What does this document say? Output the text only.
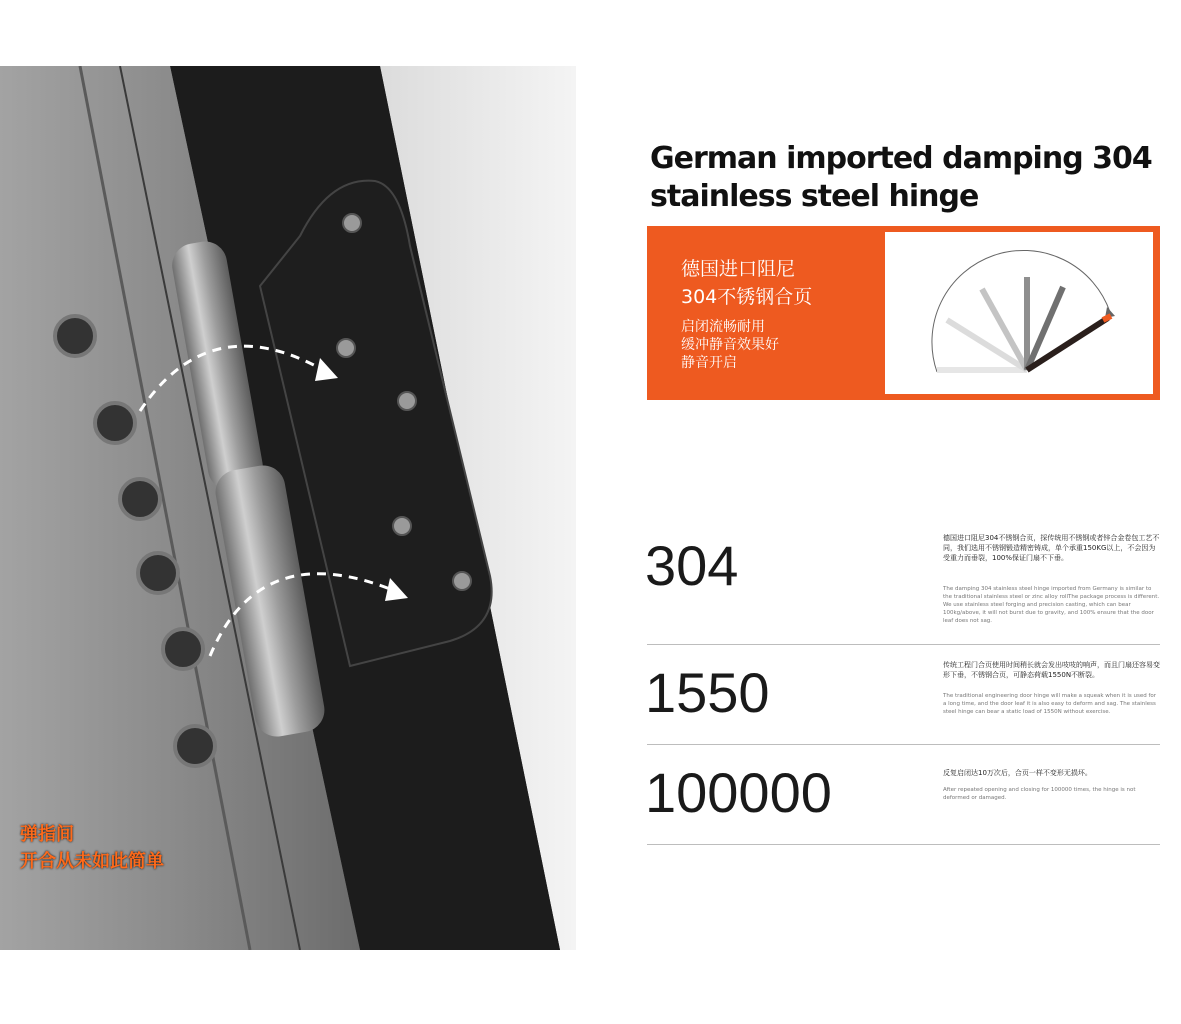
弹指间
开合从未如此简单
German imported damping 304
stainless steel hinge
德国进口阻尼
304不锈钢合页
启闭流畅耐用
缓冲静音效果好
静音开启
304	德国进口阻尼304不锈钢合页，採传统用不锈钢或者锌合金卷包工艺不同，我们选用不锈钢锻造精密铸成，单个承重150KG以上，不会因为受重力而垂裂，100%保证门扇不下垂。
The damping 304 stainless steel hinge imported from Germany is similar to the traditional stainless steel or zinc alloy rollThe package process is different. We use stainless steel forging and precision casting, which can bear 100kg/above, it will not burst due to gravity, and 100% ensure that the door leaf does not sag.
1550	传统工程门合页使用时间稍长就会发出吱吱的响声，而且门扇还容易变形下垂，不锈钢合页，可静态荷载1550N不断裂。
The traditional engineering door hinge will make a squeak when it is used for a long time, and the door leaf it is also easy to deform and sag. The stainless steel hinge can bear a static load of 1550N without exercise.
100000	反复启闭达10万次后，合页一样不变形无损坏。
After repeated opening and closing for 100000 times, the hinge is not deformed or damaged.
